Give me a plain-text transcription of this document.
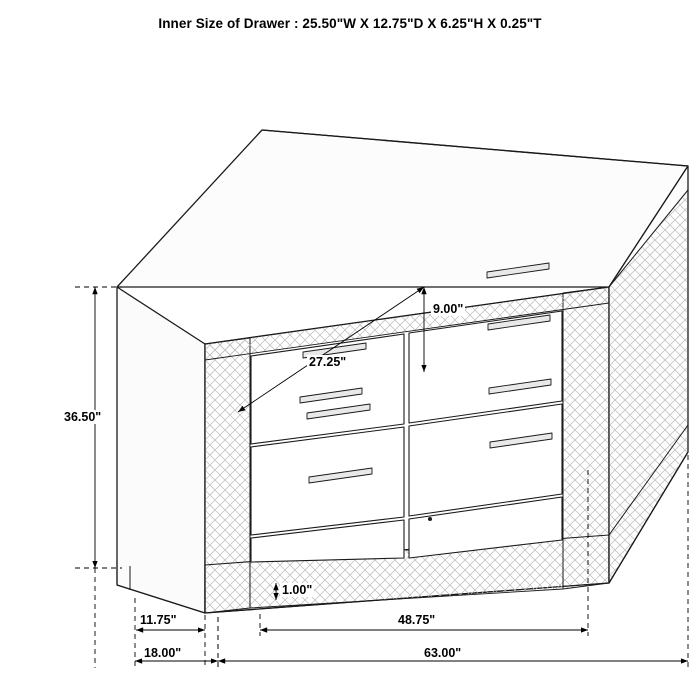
Inner Size of Drawer : 25.50"W X 12.75"D X 6.25"H X 0.25"T
36.50"
27.25"
9.00"
11.75"
18.00"
48.75"
63.00"
1.00"
